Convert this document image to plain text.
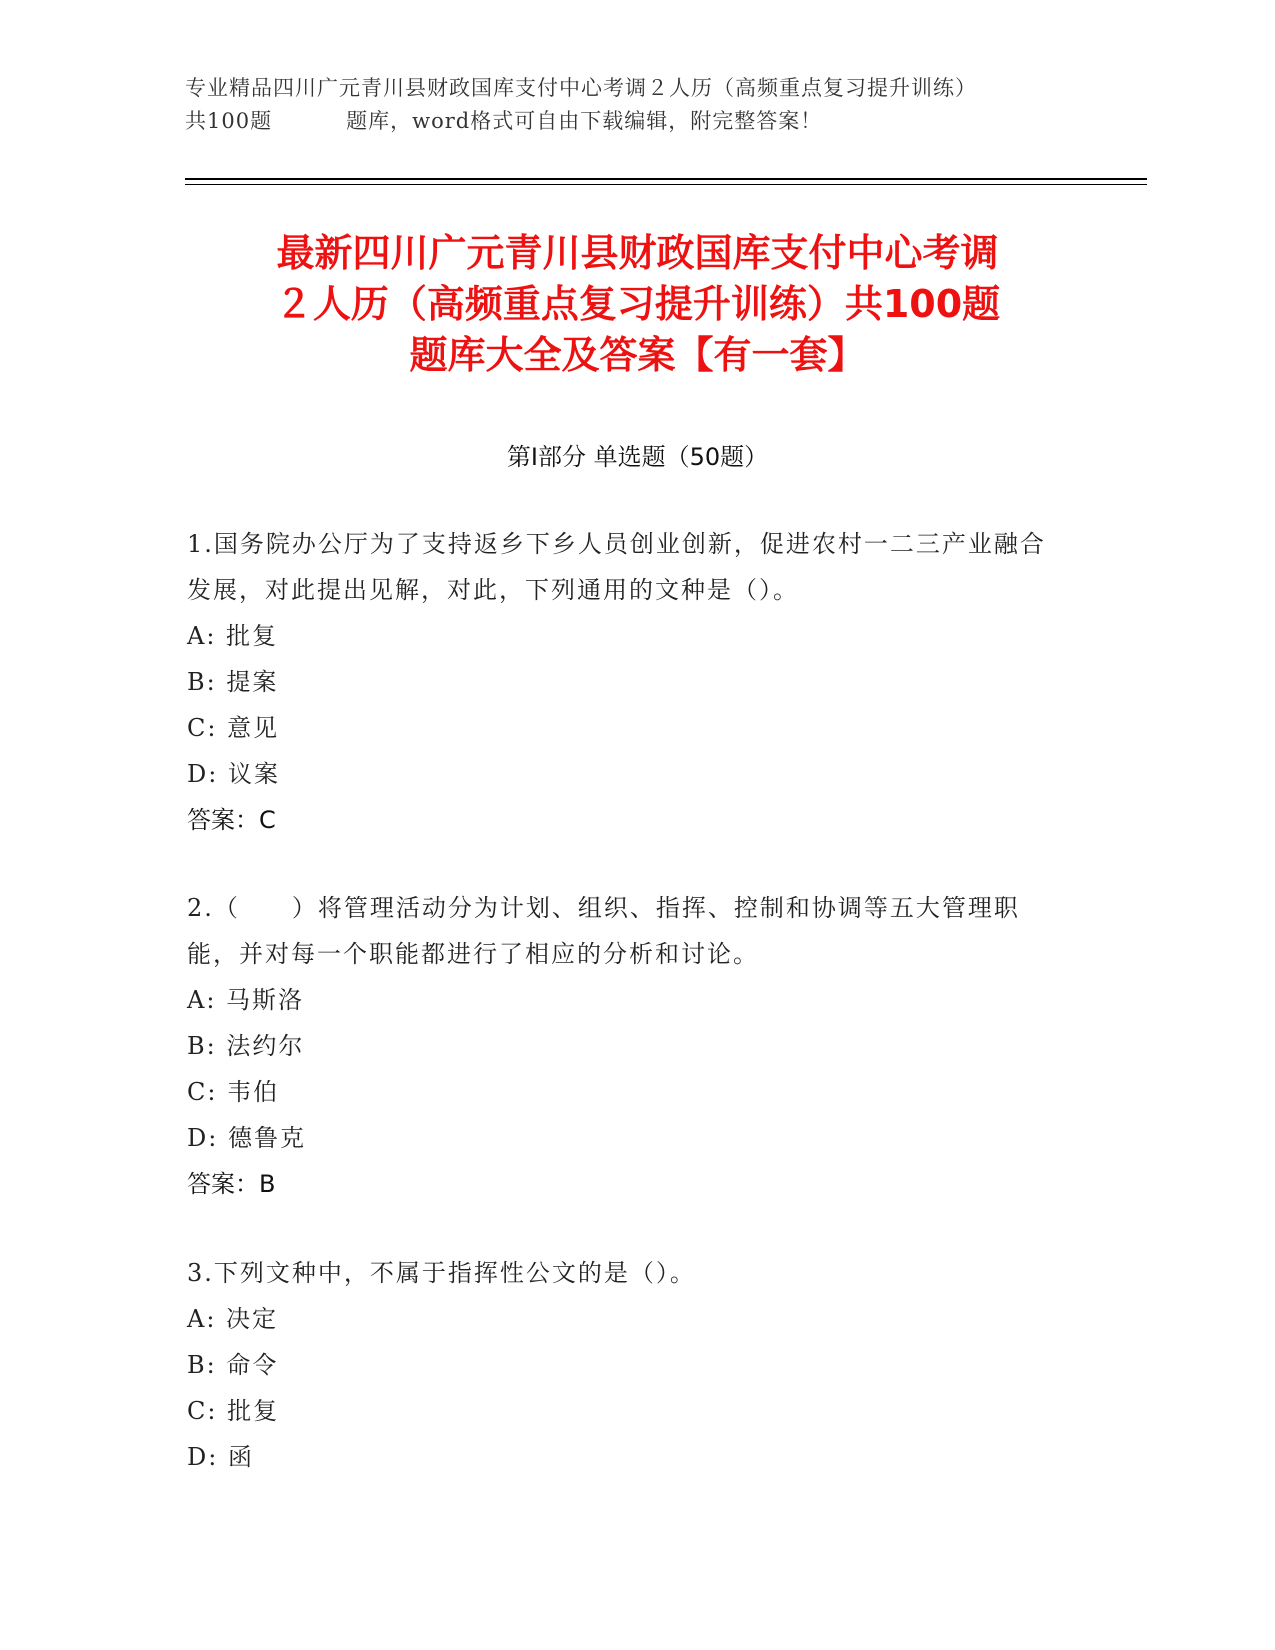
专业精品四川广元青川县财政国库支付中心考调２人历（高频重点复习提升训练）
共100题	题库，word格式可自由下载编辑，附完整答案！
最新四川广元青川县财政国库支付中心考调
２人历（高频重点复习提升训练）共100题
题库大全及答案【有一套】
第Ⅰ部分 单选题（50题）
1.国务院办公厅为了支持返乡下乡人员创业创新，促进农村一二三产业融合发展，对此提出见解，对此，下列通用的文种是（）。
A: 批复
B: 提案
C: 意见
D: 议案
答案：C
2.（　　）将管理活动分为计划、组织、指挥、控制和协调等五大管理职能，并对每一个职能都进行了相应的分析和讨论。
A: 马斯洛
B: 法约尔
C: 韦伯
D: 德鲁克
答案：B
3.下列文种中，不属于指挥性公文的是（）。
A: 决定
B: 命令
C: 批复
D: 函
